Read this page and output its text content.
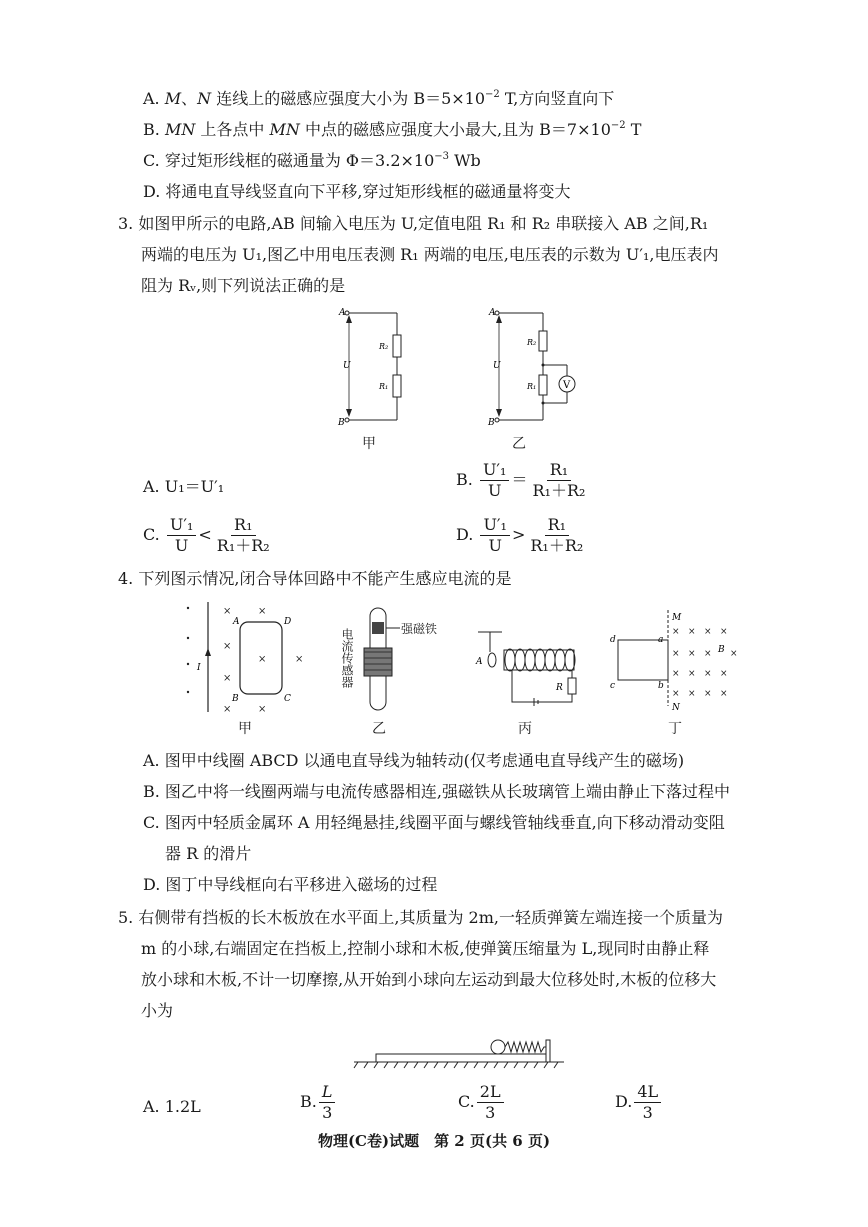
A. M、N 连线上的磁感应强度大小为 $B=5\times 10^{-2}$ T,方向竖直向下
B. MN 上各点中 MN 中点的磁感应强度大小最大,且为 $B=7\times 10^{-2}$ T
C. 穿过矩形线框的磁通量为 $\Phi=3.2\times 10^{-3}$ Wb
D. 将通电直导线竖直向下平移,穿过矩形线框的磁通量将变大
3. 如图甲所示的电路,AB 间输入电压为 U,定值电阻 R₁ 和 R₂ 串联接入 AB 之间,R₁
两端的电压为 U₁,图乙中用电压表测 R₁ 两端的电压,电压表的示数为 U′₁,电压表内
阻为 Rᵥ,则下列说法正确的是
A
B
U
R₂
R₁
甲
V
A
B
U
R₂
R₁
乙
A. U₁＝U′₁	B. $\frac{\text{U′₁}}{U} = \frac{\text{R₁}}{\text{R₁＋R₂}}$
C. $\frac{\text{U′₁}}{U} < \frac{\text{R₁}}{\text{R₁＋R₂}}$	D. $\frac{\text{U′₁}}{U} > \frac{\text{R₁}}{\text{R₁＋R₂}}$
4. 下列图示情况,闭合导体回路中不能产生感应电流的是
I
A	D
B	C
×	×
×
×	×
×
×	×
甲
强磁铁
电流传感器
乙
A
R
丙
M
N
d	a
c	b
B
× × × ×
× × × ×
× × × ×
× × × ×
丁
A. 图甲中线圈 ABCD 以通电直导线为轴转动(仅考虑通电直导线产生的磁场)
B. 图乙中将一线圈两端与电流传感器相连,强磁铁从长玻璃管上端由静止下落过程中
C. 图丙中轻质金属环 A 用轻绳悬挂,线圈平面与螺线管轴线垂直,向下移动滑动变阻
器 R 的滑片
D. 图丁中导线框向右平移进入磁场的过程
5. 右侧带有挡板的长木板放在水平面上,其质量为 2m,一轻质弹簧左端连接一个质量为
m 的小球,右端固定在挡板上,控制小球和木板,使弹簧压缩量为 L,现同时由静止释
放小球和木板,不计一切摩擦,从开始到小球向左运动到最大位移处时,木板的位移大
小为
A. 1.2L	B. $\frac{L}{3}$	C. $\frac{2L}{3}$	D. $\frac{4L}{3}$
物理(C卷)试题　第 2 页(共 6 页)
